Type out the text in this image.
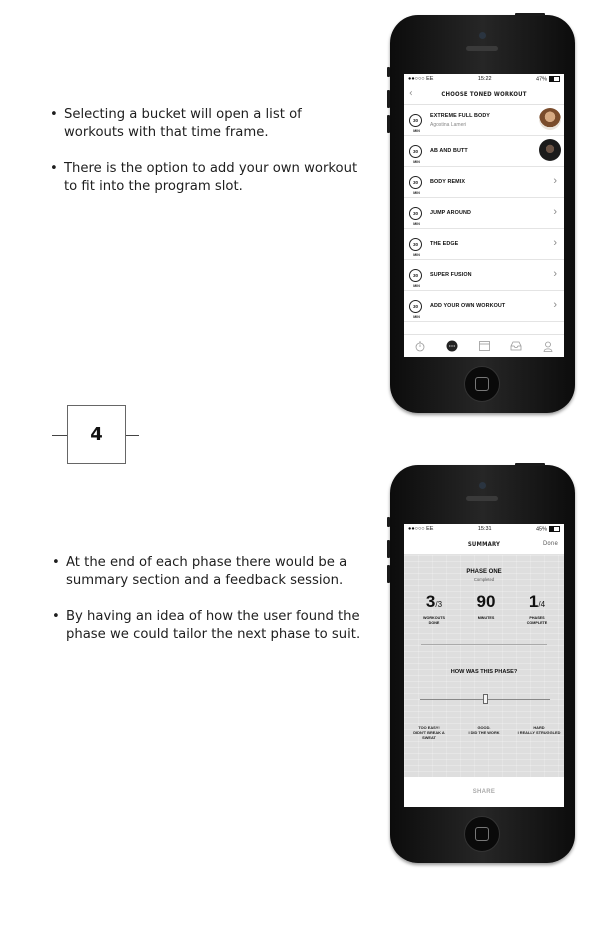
• Selecting a bucket will open a list of workouts with that time frame.
• There is the option to add your own workout to fit into the program slot.
4
• At the end of each phase there would be a summary section and a feedback session.
• By having an idea of how the user found the phase we could tailor the next phase to suit.
●●○○○ EE	15:22	47%
‹	CHOOSE TONED WORKOUT
30
MIN
EXTREME FULL BODY
Agostina Lameri
30
MIN
AB AND BUTT
30
MIN
BODY REMIX	›
30
MIN
JUMP AROUND	›
30
MIN
THE EDGE	›
30
MIN
SUPER FUSION	›
30
MIN
ADD YOUR OWN WORKOUT	›
●●○○○ EE	15:31	45%
SUMMARY	Done
PHASE ONE
Completed
3/3
WORKOUTS
DONE
90
MINUTES
1/4
PHASES
COMPLETE
HOW WAS THIS PHASE?
TOO EASY!
DIDN'T BREAK A
SWEAT
GOOD.
I DID THE WORK
HARD
I REALLY STRUGGLED
SHARE
